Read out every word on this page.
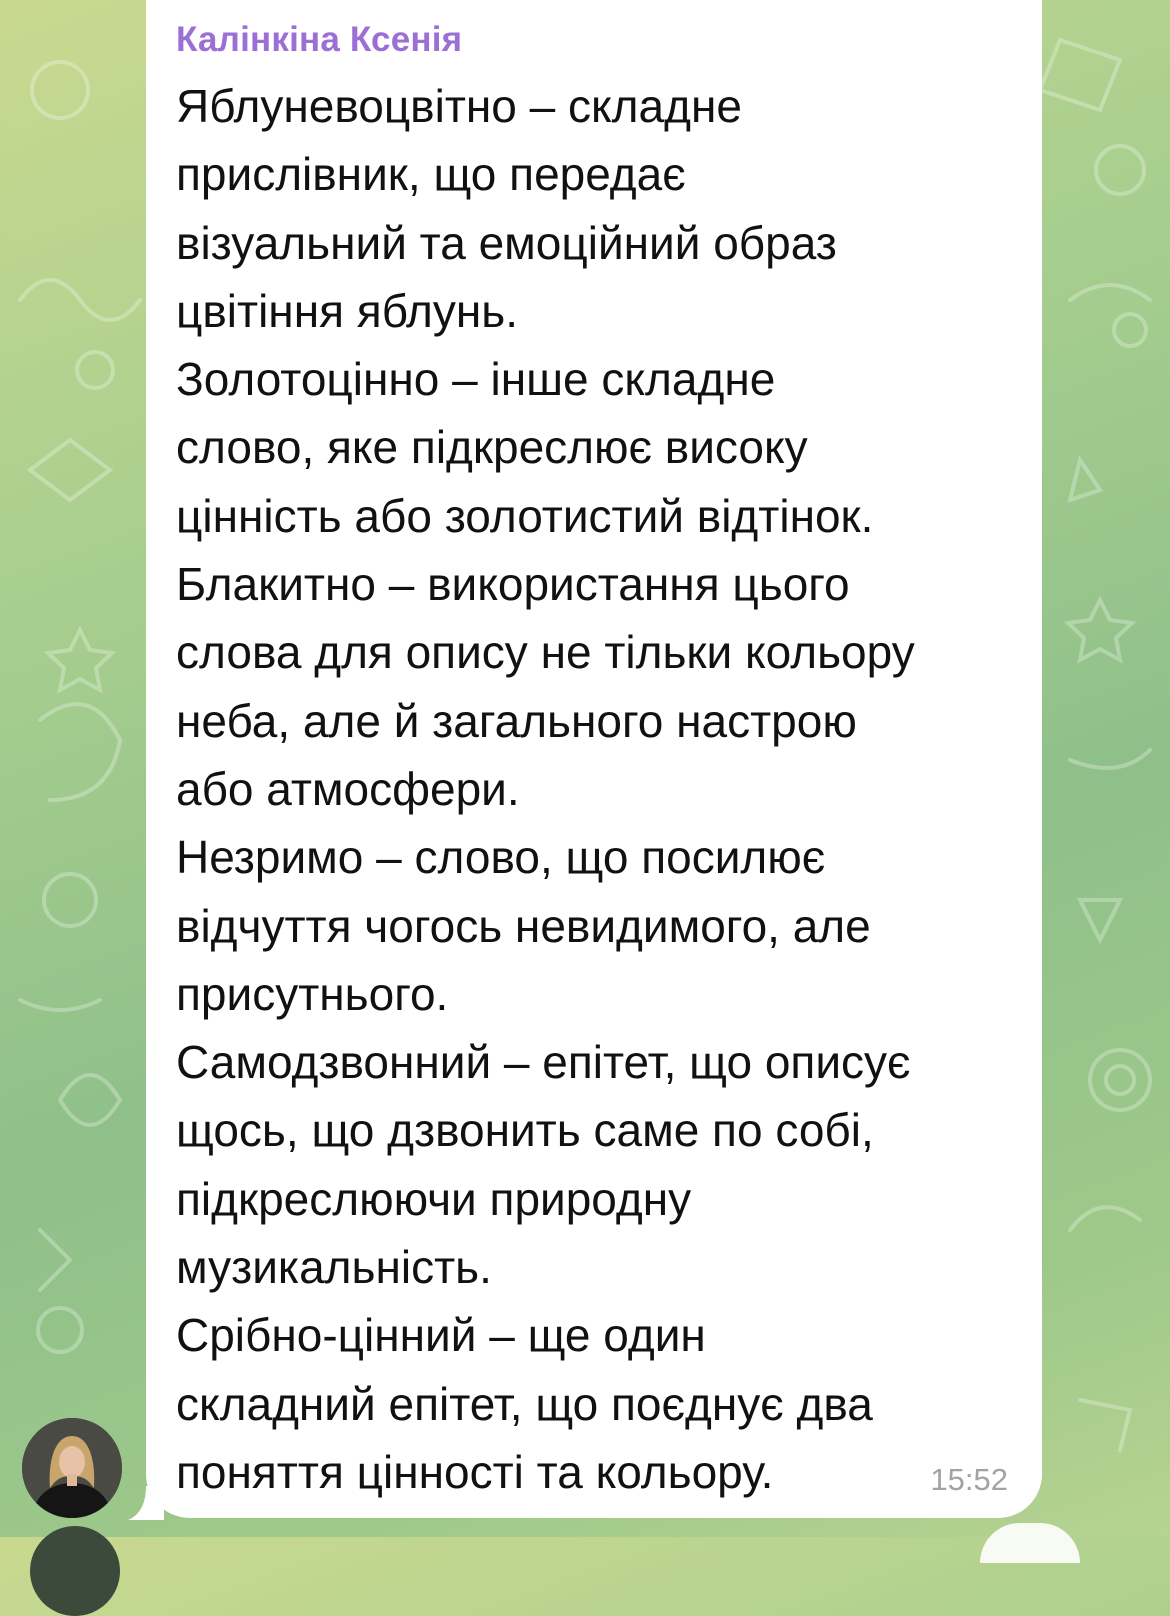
Калінкіна Ксенія
Яблуневоцвітно – складне
прислівник, що передає
візуальний та емоційний образ
цвітіння яблунь.
Золотоцінно – інше складне
слово, яке підкреслює високу
цінність або золотистий відтінок.
Блакитно – використання цього
слова для опису не тільки кольору
неба, але й загального настрою
або атмосфери.
Незримо – слово, що посилює
відчуття чогось невидимого, але
присутнього.
Самодзвонний – епітет, що описує
щось, що дзвонить саме по собі,
підкреслюючи природну
музикальність.
Срібно-цінний – ще один
складний епітет, що поєднує два
поняття цінності та кольору.	15:52
